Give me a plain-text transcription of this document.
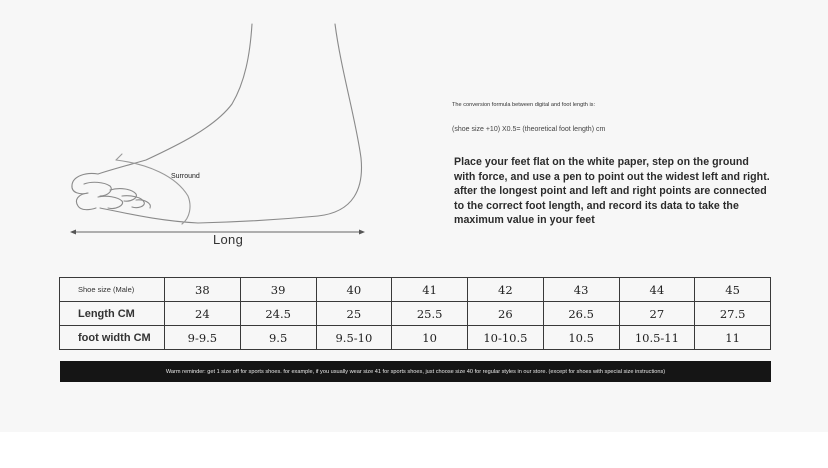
Surround
Long
The conversion formula between digital and foot length is:
(shoe size +10) X0.5= (theoretical foot length) cm
Place your feet flat on the white paper, step on the ground with force, and use a pen to point out the widest left and right. after the longest point and left and right points are connected to the correct foot length, and record its data to take the maximum value in your feet
Shoe size (Male)	38	39	40	41	42	43	44	45
Length CM	24	24.5	25	25.5	26	26.5	27	27.5
foot width CM	9-9.5	9.5	9.5-10	10	10-10.5	10.5	10.5-11	11
Warm reminder: get 1 size off for sports shoes. for example, if you usually wear size 41 for sports shoes, just choose size 40 for regular styles in our store. (except for shoes with special size instructions)
